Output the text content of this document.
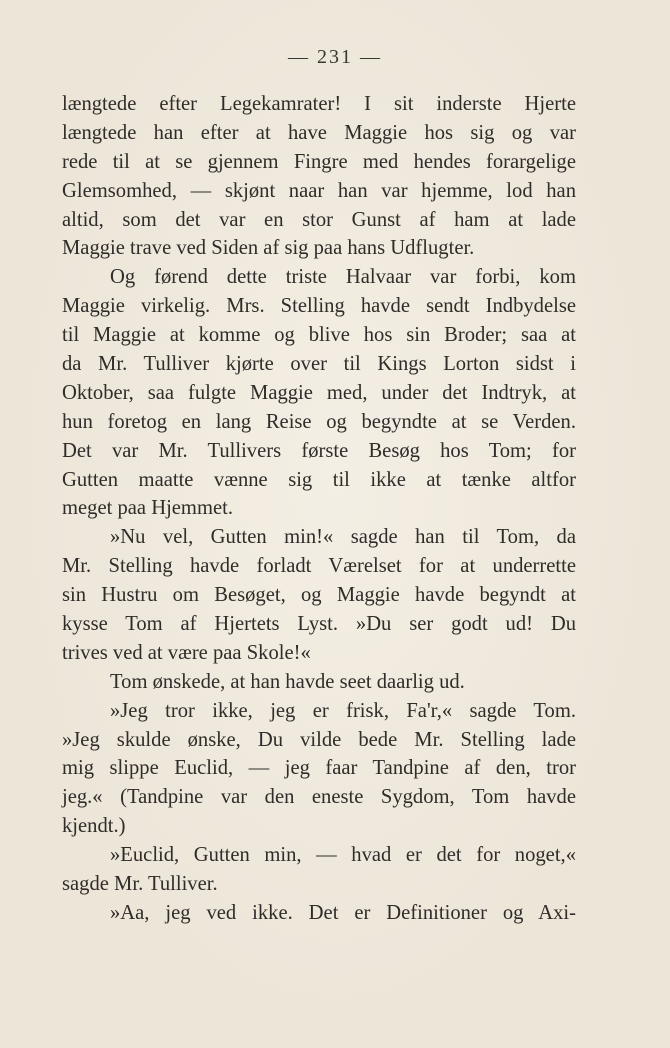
— 231 —
længtede efter Legekamrater! I sit inderste Hjerte
længtede han efter at have Maggie hos sig og var
rede til at se gjennem Fingre med hendes forargelige
Glemsomhed, — skjønt naar han var hjemme, lod han
altid, som det var en stor Gunst af ham at lade
Maggie trave ved Siden af sig paa hans Udflugter.
Og førend dette triste Halvaar var forbi, kom
Maggie virkelig. Mrs. Stelling havde sendt Indbydelse
til Maggie at komme og blive hos sin Broder; saa at
da Mr. Tulliver kjørte over til Kings Lorton sidst i
Oktober, saa fulgte Maggie med, under det Indtryk, at
hun foretog en lang Reise og begyndte at se Verden.
Det var Mr. Tullivers første Besøg hos Tom; for
Gutten maatte vænne sig til ikke at tænke altfor
meget paa Hjemmet.
»Nu vel, Gutten min!« sagde han til Tom, da
Mr. Stelling havde forladt Værelset for at underrette
sin Hustru om Besøget, og Maggie havde begyndt at
kysse Tom af Hjertets Lyst. »Du ser godt ud! Du
trives ved at være paa Skole!«
Tom ønskede, at han havde seet daarlig ud.
»Jeg tror ikke, jeg er frisk, Fa'r,« sagde Tom.
»Jeg skulde ønske, Du vilde bede Mr. Stelling lade
mig slippe Euclid, — jeg faar Tandpine af den, tror
jeg.« (Tandpine var den eneste Sygdom, Tom havde
kjendt.)
»Euclid, Gutten min, — hvad er det for noget,«
sagde Mr. Tulliver.
»Aa, jeg ved ikke. Det er Definitioner og Axi-
